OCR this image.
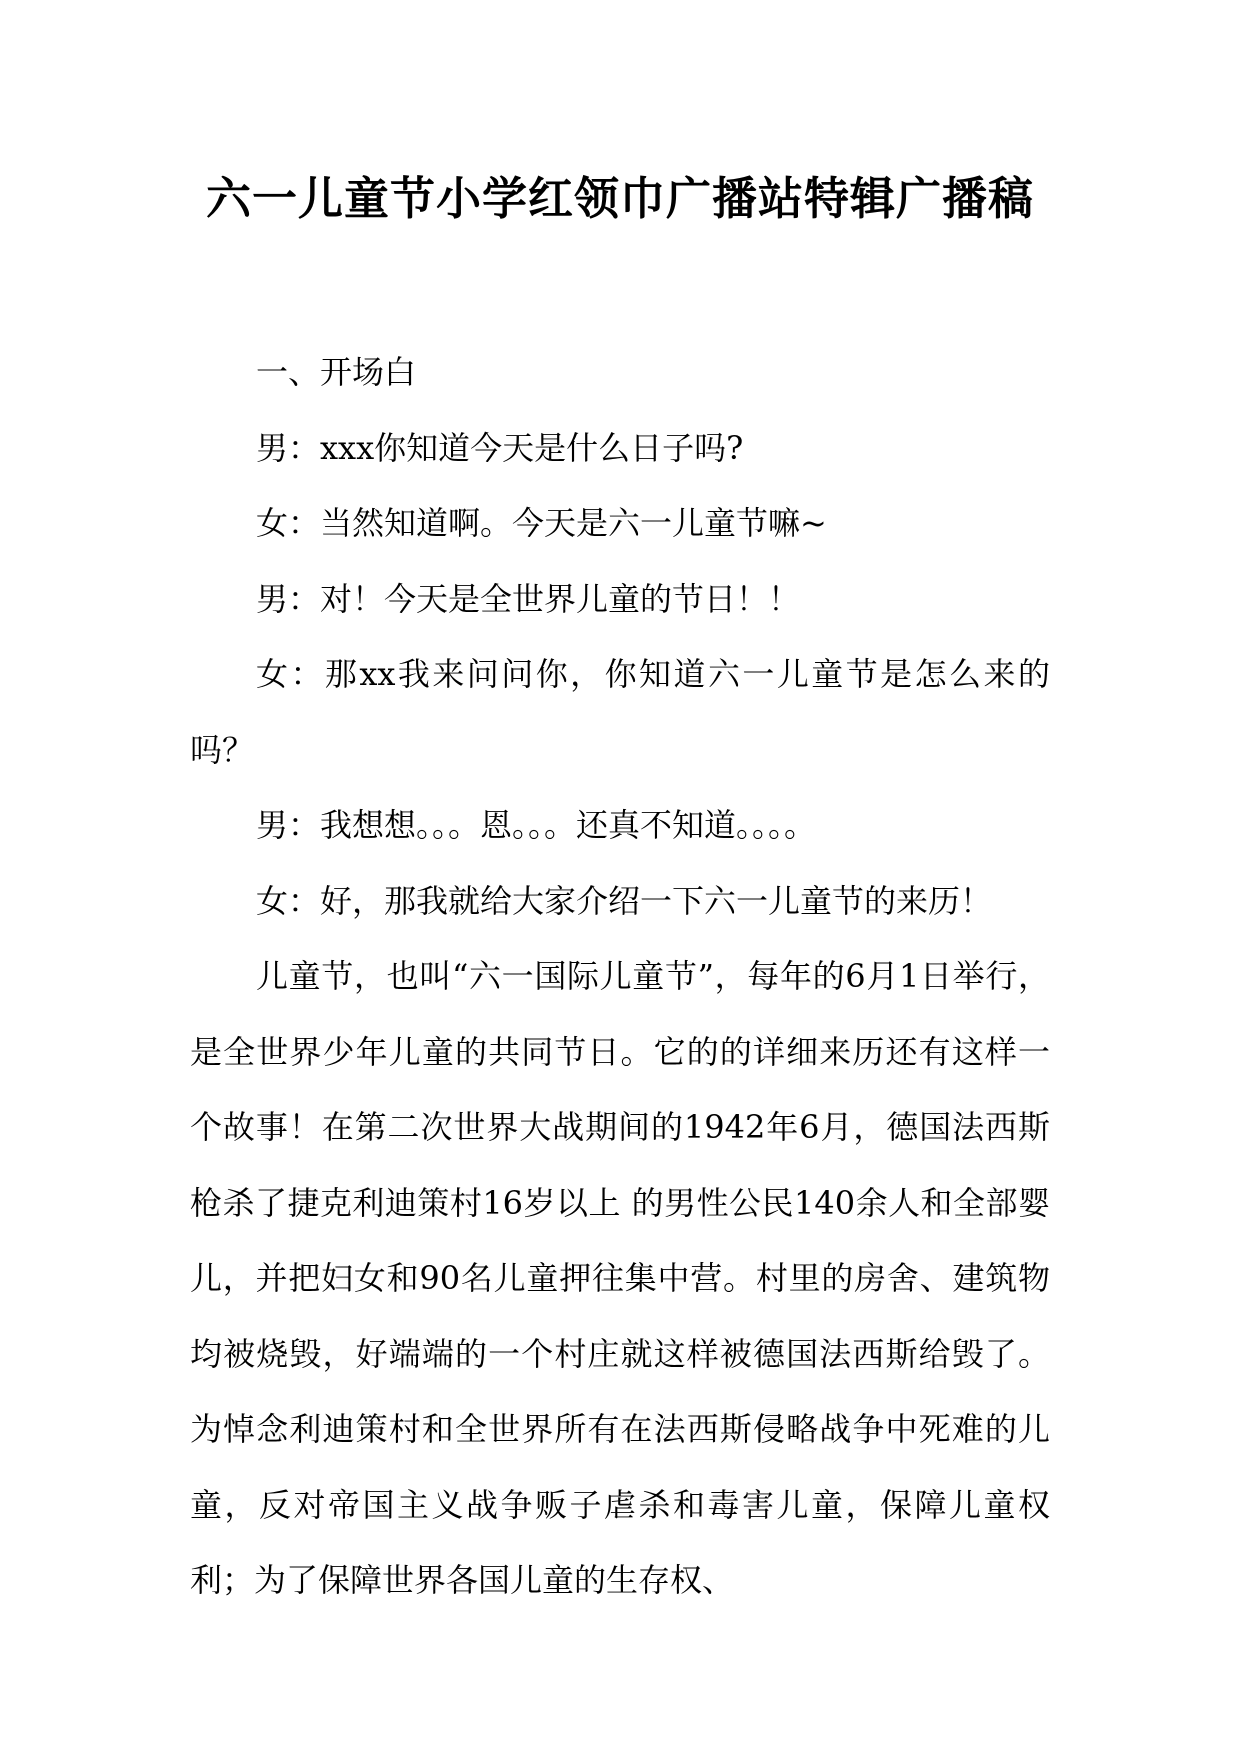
六一儿童节小学红领巾广播站特辑广播稿

一、开场白

男：xxx你知道今天是什么日子吗?

女：当然知道啊。今天是六一儿童节嘛~

男：对！今天是全世界儿童的节日！！

女：那xx我来问问你，你知道六一儿童节是怎么来的吗？

男：我想想。。。恩。。。还真不知道。。。。

女：好，那我就给大家介绍一下六一儿童节的来历！

儿童节，也叫“六一国际儿童节”，每年的6月1日举行，是全世界少年儿童的共同节日。它的的详细来历还有这样一个故事！在第二次世界大战期间的1942年6月，德国法西斯枪杀了捷克利迪策村16岁以上 的男性公民140余人和全部婴儿，并把妇女和90名儿童押往集中营。村里的房舍、建筑物均被烧毁，好端端的一个村庄就这样被德国法西斯给毁了。为悼念利迪策村和全世界所有在法西斯侵略战争中死难的儿童，反对帝国主义战争贩子虐杀和毒害儿童，保障儿童权利；为了保障世界各国儿童的生存权、
